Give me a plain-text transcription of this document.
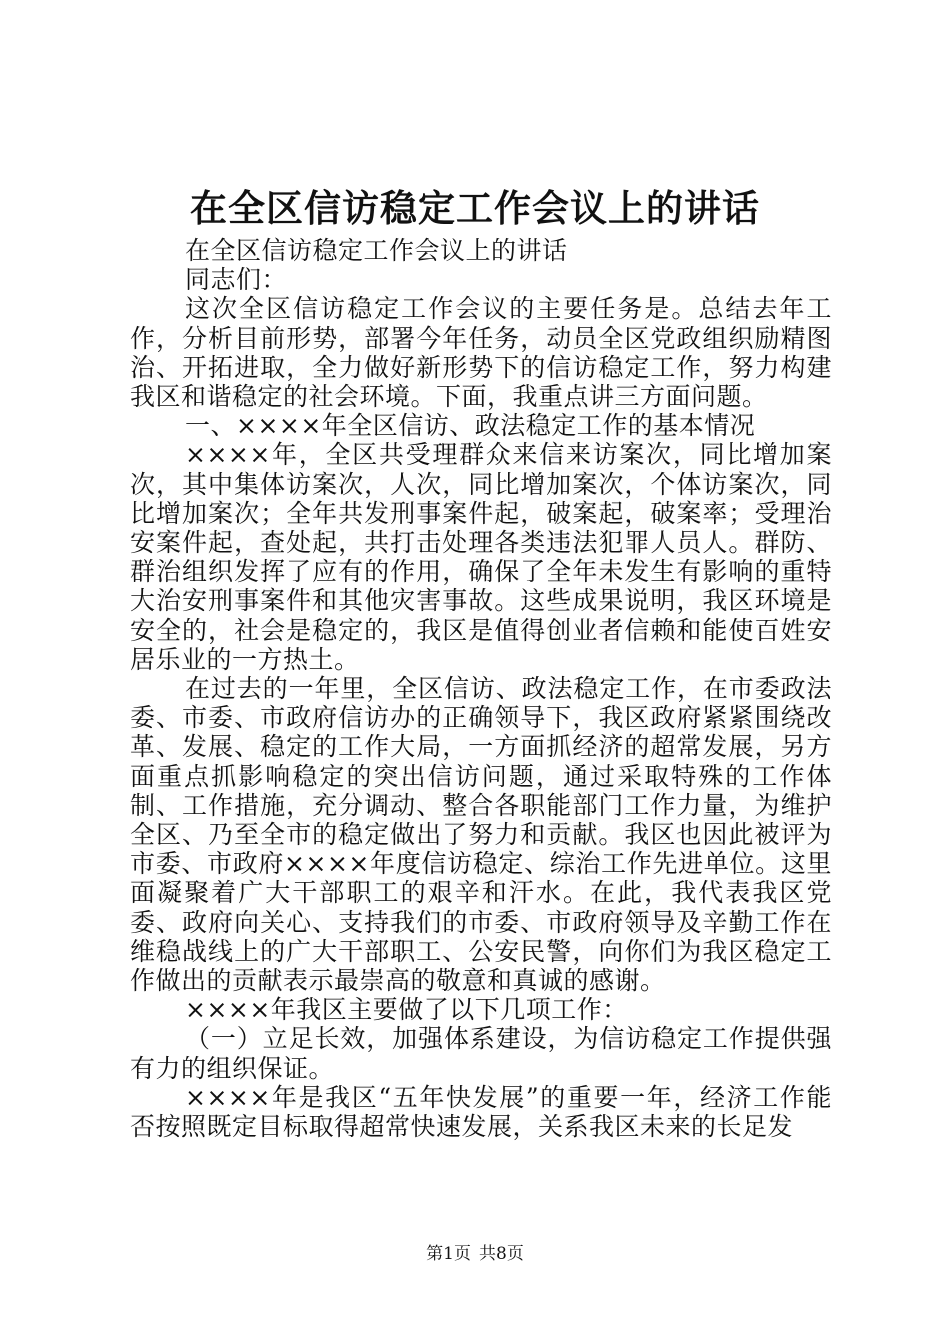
在全区信访稳定工作会议上的讲话

在全区信访稳定工作会议上的讲话

同志们：

这次全区信访稳定工作会议的主要任务是。总结去年工作，分析目前形势，部署今年任务，动员全区党政组织励精图治、开拓进取，全力做好新形势下的信访稳定工作，努力构建我区和谐稳定的社会环境。下面，我重点讲三方面问题。

一、××××年全区信访、政法稳定工作的基本情况

××××年，全区共受理群众来信来访案次，同比增加案次，其中集体访案次，人次，同比增加案次，个体访案次，同比增加案次；全年共发刑事案件起，破案起，破案率；受理治安案件起，查处起，共打击处理各类违法犯罪人员人。群防、群治组织发挥了应有的作用，确保了全年未发生有影响的重特大治安刑事案件和其他灾害事故。这些成果说明，我区环境是安全的，社会是稳定的，我区是值得创业者信赖和能使百姓安居乐业的一方热土。

在过去的一年里，全区信访、政法稳定工作，在市委政法委、市委、市政府信访办的正确领导下，我区政府紧紧围绕改革、发展、稳定的工作大局，一方面抓经济的超常发展，另方面重点抓影响稳定的突出信访问题，通过采取特殊的工作体制、工作措施，充分调动、整合各职能部门工作力量，为维护全区、乃至全市的稳定做出了努力和贡献。我区也因此被评为市委、市政府××××年度信访稳定、综治工作先进单位。这里面凝聚着广大干部职工的艰辛和汗水。在此，我代表我区党委、政府向关心、支持我们的市委、市政府领导及辛勤工作在维稳战线上的广大干部职工、公安民警，向你们为我区稳定工作做出的贡献表示最崇高的敬意和真诚的感谢。

××××年我区主要做了以下几项工作：

（一）立足长效，加强体系建设，为信访稳定工作提供强有力的组织保证。

××××年是我区“五年快发展”的重要一年，经济工作能否按照既定目标取得超常快速发展，关系我区未来的长足发

第1页 共8页
